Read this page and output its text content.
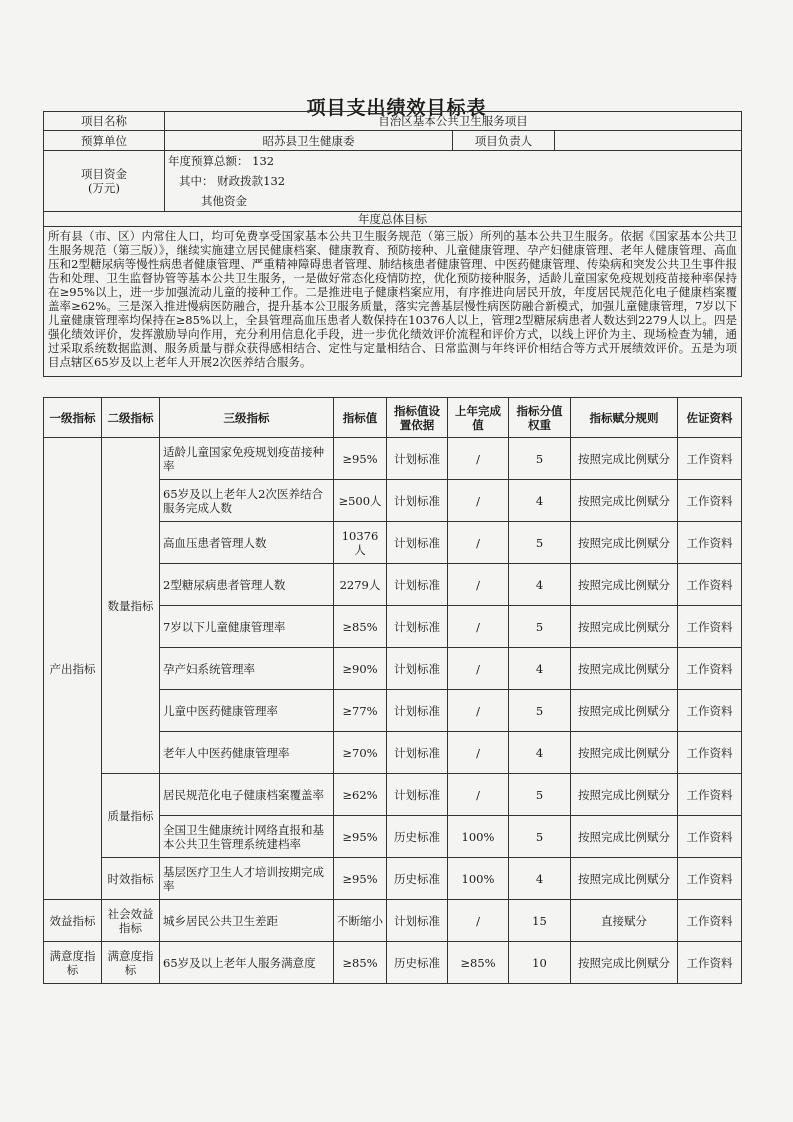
项目支出绩效目标表
项目名称	自治区基本公共卫生服务项目		
预算单位	昭苏县卫生健康委	项目负责人	

项目资金
(万元)	年度预算总额： 132		
	其中： 财政拨款132		
	其他资金		
年度总体目标			
所有县（市、区）内常住人口，均可免费享受国家基本公共卫生服务规范（第三版）所列的基本公共卫生服务。依据《国家基本公共卫生服务规范（第三版）》，继续实施建立居民健康档案、健康教育、预防接种、儿童健康管理、孕产妇健康管理、老年人健康管理、高血压和2型糖尿病等慢性病患者健康管理、严重精神障碍患者管理、肺结核患者健康管理、中医药健康管理、传染病和突发公共卫生事件报告和处理、卫生监督协管等基本公共卫生服务，一是做好常态化疫情防控，优化预防接种服务，适龄儿童国家免疫规划疫苗接种率保持在≥95%以上，进一步加强流动儿童的接种工作。二是推进电子健康档案应用，有序推进向居民开放，年度居民规范化电子健康档案覆盖率≥62%。三是深入推进慢病医防融合，提升基本公卫服务质量，落实完善基层慢性病医防融合新模式，加强儿童健康管理，7岁以下儿童健康管理率均保持在≥85%以上，全县管理高血压患者人数保持在10376人以上，管理2型糖尿病患者人数达到2279人以上。四是强化绩效评价，发挥激励导向作用，充分利用信息化手段，进一步优化绩效评价流程和评价方式，以线上评价为主、现场检查为辅，通过采取系统数据监测、服务质量与群众获得感相结合、定性与定量相结合、日常监测与年终评价相结合等方式开展绩效评价。五是为项目点辖区65岁及以上老年人开展2次医养结合服务。			
一级指标	二级指标	三级指标	指标值	指标值设置依据	上年完成值	指标分值权重	指标赋分规则	佐证资料
产出指标	数量指标	适龄儿童国家免疫规划疫苗接种率	≥95%	计划标准	/	5	按照完成比例赋分	工作资料
		65岁及以上老年人2次医养结合服务完成人数	≥500人	计划标准	/	4	按照完成比例赋分	工作资料
		高血压患者管理人数	10376人	计划标准	/	5	按照完成比例赋分	工作资料
		2型糖尿病患者管理人数	2279人	计划标准	/	4	按照完成比例赋分	工作资料
		7岁以下儿童健康管理率	≥85%	计划标准	/	5	按照完成比例赋分	工作资料
		孕产妇系统管理率	≥90%	计划标准	/	4	按照完成比例赋分	工作资料
		儿童中医药健康管理率	≥77%	计划标准	/	5	按照完成比例赋分	工作资料
		老年人中医药健康管理率	≥70%	计划标准	/	4	按照完成比例赋分	工作资料
	质量指标	居民规范化电子健康档案覆盖率	≥62%	计划标准	/	5	按照完成比例赋分	工作资料
		全国卫生健康统计网络直报和基本公共卫生管理系统建档率	≥95%	历史标准	100%	5	按照完成比例赋分	工作资料
	时效指标	基层医疗卫生人才培训按期完成率	≥95%	历史标准	100%	4	按照完成比例赋分	工作资料
效益指标	社会效益指标	城乡居民公共卫生差距	不断缩小	计划标准	/	15	直接赋分	工作资料
满意度指标	满意度指标	65岁及以上老年人服务满意度	≥85%	历史标准	≥85%	10	按照完成比例赋分	工作资料
